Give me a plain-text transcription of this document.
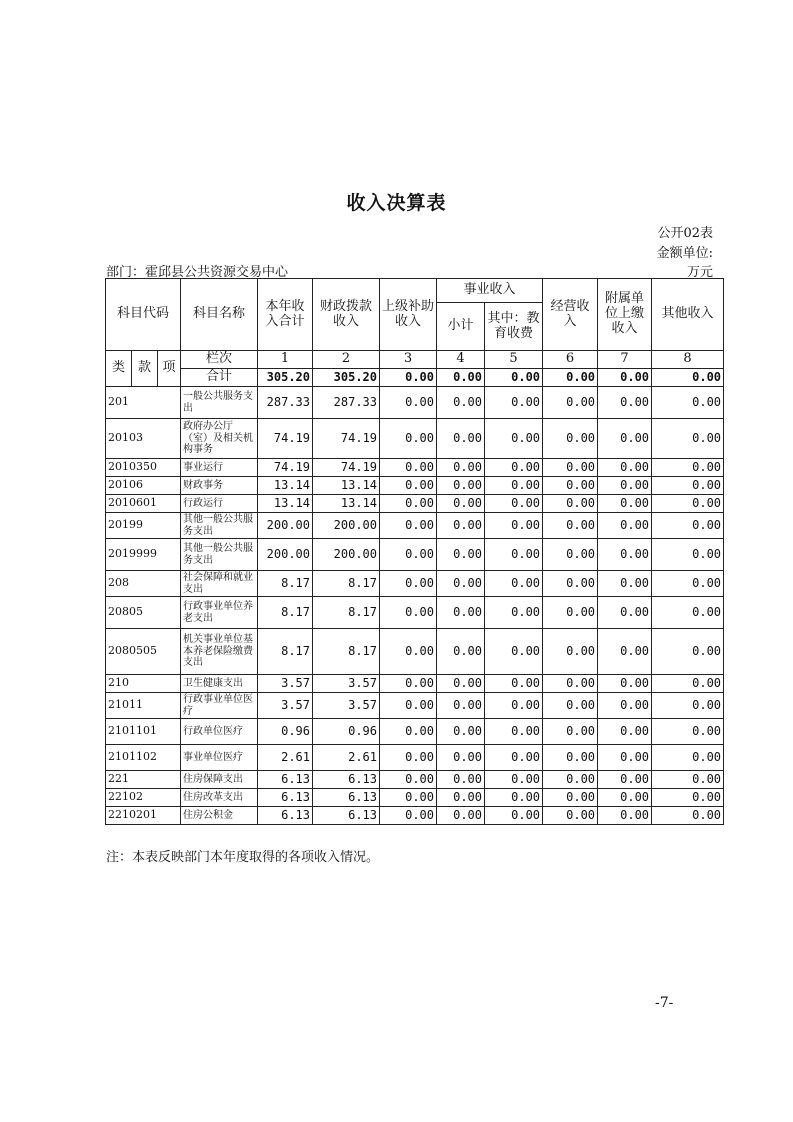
收入决算表
公开02表
金额单位:
部门：霍邱县公共资源交易中心	万元
科目代码			科目名称	本年收入合计	财政拨款收入	上级补助收入	事业收入		经营收入	附属单位上缴收入	其他收入
							小计	其中：教育收费			
类	款	项	栏次	1	2	3	4	5	6	7	8
			合计	305.20	305.20	0.00	0.00	0.00	0.00	0.00	0.00
201			一般公共服务支出	287.33	287.33	0.00	0.00	0.00	0.00	0.00	0.00
20103			政府办公厅（室）及相关机构事务	74.19	74.19	0.00	0.00	0.00	0.00	0.00	0.00
2010350			事业运行	74.19	74.19	0.00	0.00	0.00	0.00	0.00	0.00
20106			财政事务	13.14	13.14	0.00	0.00	0.00	0.00	0.00	0.00
2010601			行政运行	13.14	13.14	0.00	0.00	0.00	0.00	0.00	0.00
20199			其他一般公共服务支出	200.00	200.00	0.00	0.00	0.00	0.00	0.00	0.00
2019999			其他一般公共服务支出	200.00	200.00	0.00	0.00	0.00	0.00	0.00	0.00
208			社会保障和就业支出	8.17	8.17	0.00	0.00	0.00	0.00	0.00	0.00
20805			行政事业单位养老支出	8.17	8.17	0.00	0.00	0.00	0.00	0.00	0.00
2080505			机关事业单位基本养老保险缴费支出	8.17	8.17	0.00	0.00	0.00	0.00	0.00	0.00
210			卫生健康支出	3.57	3.57	0.00	0.00	0.00	0.00	0.00	0.00
21011			行政事业单位医疗	3.57	3.57	0.00	0.00	0.00	0.00	0.00	0.00
2101101			行政单位医疗	0.96	0.96	0.00	0.00	0.00	0.00	0.00	0.00
2101102			事业单位医疗	2.61	2.61	0.00	0.00	0.00	0.00	0.00	0.00
221			住房保障支出	6.13	6.13	0.00	0.00	0.00	0.00	0.00	0.00
22102			住房改革支出	6.13	6.13	0.00	0.00	0.00	0.00	0.00	0.00
2210201			住房公积金	6.13	6.13	0.00	0.00	0.00	0.00	0.00	0.00
注：本表反映部门本年度取得的各项收入情况。
-7-
